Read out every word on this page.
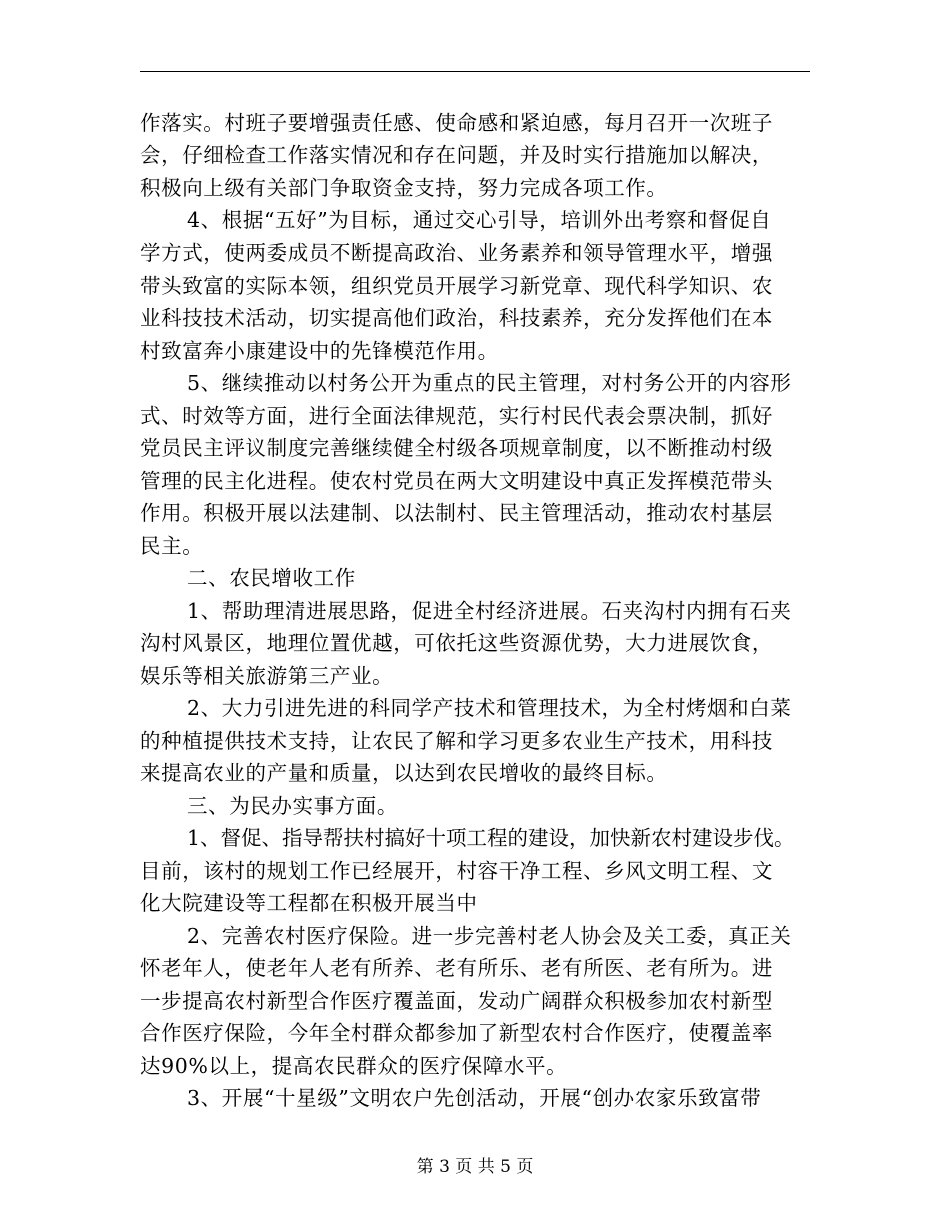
作落实。村班子要增强责任感、使命感和紧迫感，每月召开一次班子
会，仔细检查工作落实情况和存在问题，并及时实行措施加以解决，
积极向上级有关部门争取资金支持，努力完成各项工作。
4、根据“五好”为目标，通过交心引导，培训外出考察和督促自
学方式，使两委成员不断提高政治、业务素养和领导管理水平，增强
带头致富的实际本领，组织党员开展学习新党章、现代科学知识、农
业科技技术活动，切实提高他们政治，科技素养，充分发挥他们在本
村致富奔小康建设中的先锋模范作用。
5、继续推动以村务公开为重点的民主管理，对村务公开的内容形
式、时效等方面，进行全面法律规范，实行村民代表会票决制，抓好
党员民主评议制度完善继续健全村级各项规章制度，以不断推动村级
管理的民主化进程。使农村党员在两大文明建设中真正发挥模范带头
作用。积极开展以法建制、以法制村、民主管理活动，推动农村基层
民主。
二、农民增收工作
1、帮助理清进展思路，促进全村经济进展。石夹沟村内拥有石夹
沟村风景区，地理位置优越，可依托这些资源优势，大力进展饮食，
娱乐等相关旅游第三产业。
2、大力引进先进的科同学产技术和管理技术，为全村烤烟和白菜
的种植提供技术支持，让农民了解和学习更多农业生产技术，用科技
来提高农业的产量和质量，以达到农民增收的最终目标。
三、为民办实事方面。
1、督促、指导帮扶村搞好十项工程的建设，加快新农村建设步伐。
目前，该村的规划工作已经展开，村容干净工程、乡风文明工程、文
化大院建设等工程都在积极开展当中
2、完善农村医疗保险。进一步完善村老人协会及关工委，真正关
怀老年人，使老年人老有所养、老有所乐、老有所医、老有所为。进
一步提高农村新型合作医疗覆盖面，发动广阔群众积极参加农村新型
合作医疗保险，今年全村群众都参加了新型农村合作医疗，使覆盖率
达90%以上，提高农民群众的医疗保障水平。
3、开展“十星级”文明农户先创活动，开展“创办农家乐致富带
第 3 页 共 5 页
